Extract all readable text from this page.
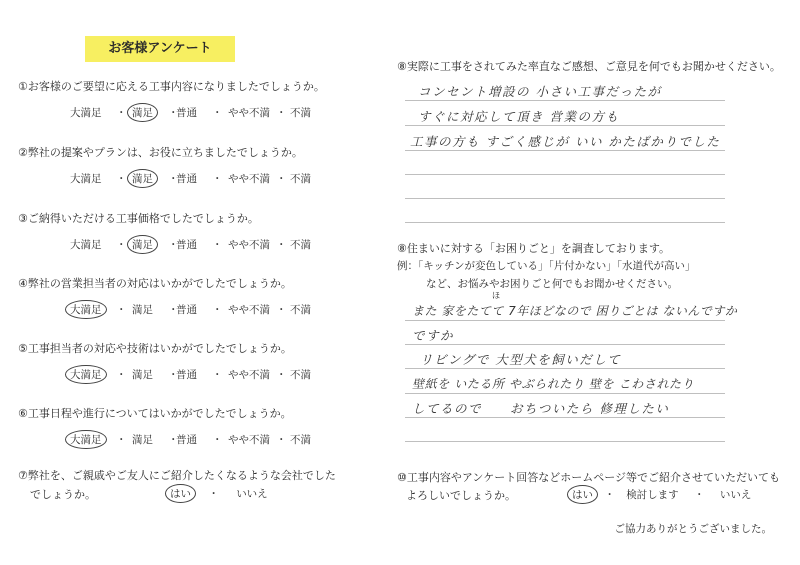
お客様アンケート
①お客様のご要望に応える工事内容になりましたでしょうか。
大満足 ・ 満足 ・
普通 ・ やや不満 ・ 不満
②弊社の提案やプランは、お役に立ちましたでしょうか。
大満足 ・ 満足 ・
普通 ・ やや不満 ・ 不満
③ご納得いただける工事価格でしたでしょうか。
大満足 ・ 満足 ・
普通 ・ やや不満 ・ 不満
④弊社の営業担当者の対応はいかがでしたでしょうか。
大満足 ・ 満足 ・
普通 ・ やや不満 ・ 不満
⑤工事担当者の対応や技術はいかがでしたでしょうか。
大満足 ・ 満足 ・
普通 ・ やや不満 ・ 不満
⑥工事日程や進行についてはいかがでしたでしょうか。
大満足 ・ 満足 ・
普通 ・ やや不満 ・ 不満
⑦弊社を、ご親戚やご友人にご紹介したくなるような会社でした
でしょうか。	はい ・ いいえ
⑧実際に工事をされてみた率直なご感想、ご意見を何でもお聞かせください。
コンセント増設の 小さい工事だったが
すぐに対応して頂き 営業の方も
工事の方も すごく感じが いい かたばかりでした
⑧住まいに対する「お困りごと」を調査しております。
例：「キッチンが変色している」「片付かない」「水道代が高い」
など、お悩みやお困りごと何でもお聞かせください。
ほ
また 家をたてて 7年ほどなので 困りごとは ないんですか
ですか
リビングで 大型犬を飼いだして
壁紙を いたる所 やぶられたり 壁を こわされたり
してるので　　おちついたら 修理したい
⑩工事内容やアンケート回答などホームページ等でご紹介させていただいても
よろしいでしょうか。	はい ・ 検討します ・ いいえ
ご協力ありがとうございました。
